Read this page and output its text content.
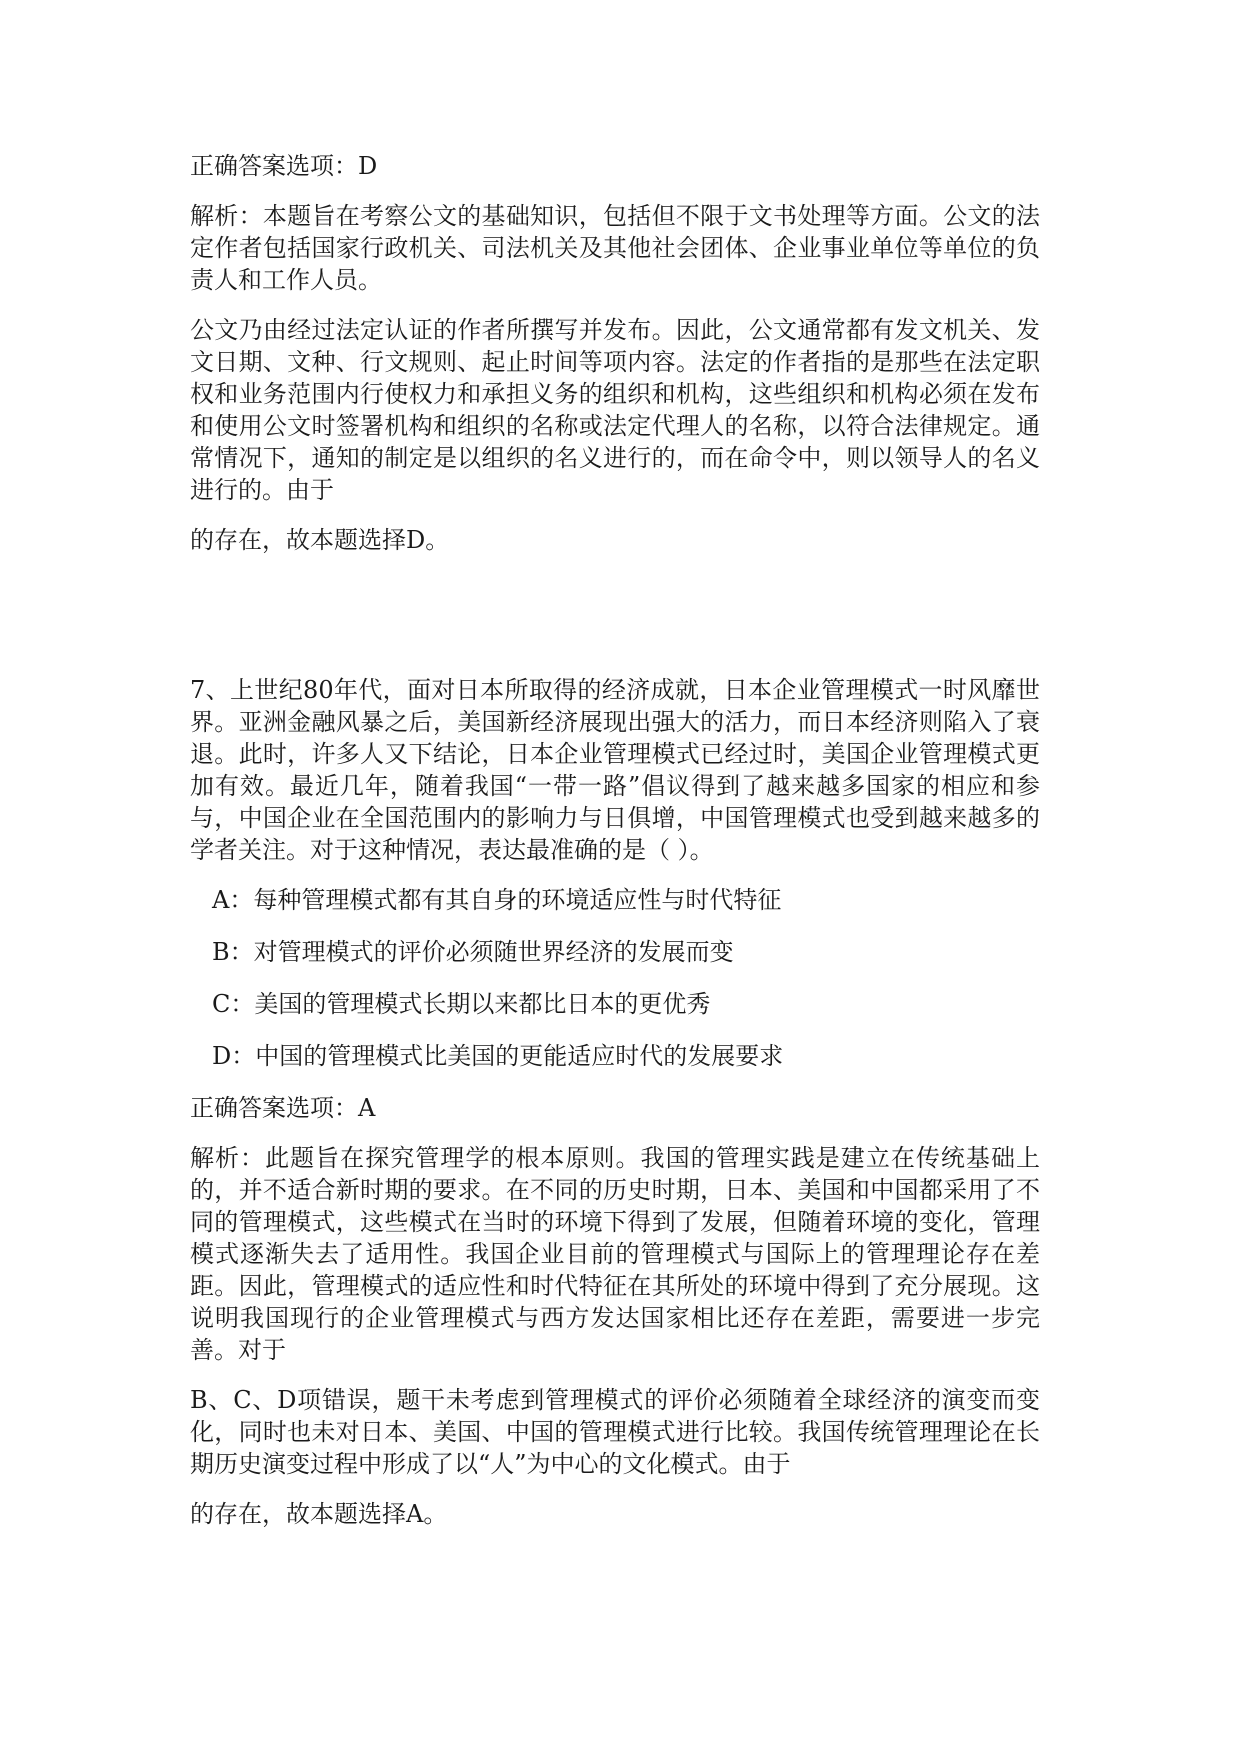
正确答案选项：D

解析：本题旨在考察公文的基础知识，包括但不限于文书处理等方面。公文的法定作者包括国家行政机关、司法机关及其他社会团体、企业事业单位等单位的负责人和工作人员。

公文乃由经过法定认证的作者所撰写并发布。因此，公文通常都有发文机关、发文日期、文种、行文规则、起止时间等项内容。法定的作者指的是那些在法定职权和业务范围内行使权力和承担义务的组织和机构，这些组织和机构必须在发布和使用公文时签署机构和组织的名称或法定代理人的名称，以符合法律规定。通常情况下，通知的制定是以组织的名义进行的，而在命令中，则以领导人的名义进行的。由于

的存在，故本题选择D。

7、上世纪80年代，面对日本所取得的经济成就，日本企业管理模式一时风靡世界。亚洲金融风暴之后，美国新经济展现出强大的活力，而日本经济则陷入了衰退。此时，许多人又下结论，日本企业管理模式已经过时，美国企业管理模式更加有效。最近几年，随着我国“一带一路”倡议得到了越来越多国家的相应和参与，中国企业在全国范围内的影响力与日俱增，中国管理模式也受到越来越多的学者关注。对于这种情况，表达最准确的是（ ）。

A：每种管理模式都有其自身的环境适应性与时代特征

B：对管理模式的评价必须随世界经济的发展而变

C：美国的管理模式长期以来都比日本的更优秀

D：中国的管理模式比美国的更能适应时代的发展要求

正确答案选项：A

解析：此题旨在探究管理学的根本原则。我国的管理实践是建立在传统基础上的，并不适合新时期的要求。在不同的历史时期，日本、美国和中国都采用了不同的管理模式，这些模式在当时的环境下得到了发展，但随着环境的变化，管理模式逐渐失去了适用性。我国企业目前的管理模式与国际上的管理理论存在差距。因此，管理模式的适应性和时代特征在其所处的环境中得到了充分展现。这说明我国现行的企业管理模式与西方发达国家相比还存在差距，需要进一步完善。对于

B、C、D项错误，题干未考虑到管理模式的评价必须随着全球经济的演变而变化，同时也未对日本、美国、中国的管理模式进行比较。我国传统管理理论在长期历史演变过程中形成了以“人”为中心的文化模式。由于

的存在，故本题选择A。
